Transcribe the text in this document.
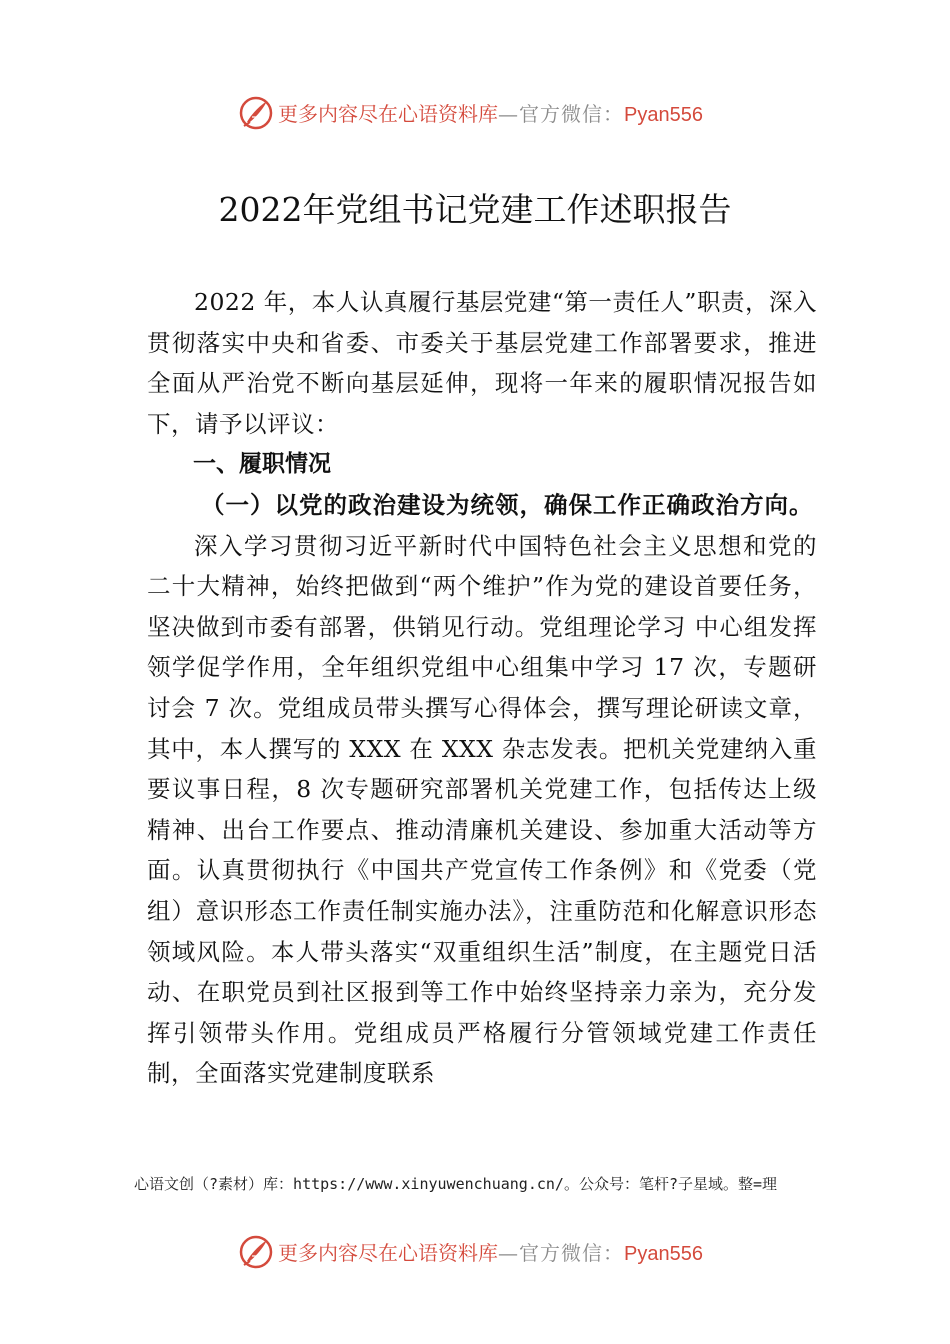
更多内容尽在心语资料库—官方微信：Pyan556
2022年党组书记党建工作述职报告

2022 年，本人认真履行基层党建“第一责任人”职责，深入贯彻落实中央和省委、市委关于基层党建工作部署要求，推进全面从严治党不断向基层延伸，现将一年来的履职情况报告如下，请予以评议：

一、履职情况

（一）以党的政治建设为统领，确保工作正确政治方向。

深入学习贯彻习近平新时代中国特色社会主义思想和党的二十大精神，始终把做到“两个维护”作为党的建设首要任务，坚决做到市委有部署，供销见行动。党组理论学习 中心组发挥领学促学作用，全年组织党组中心组集中学习 17 次，专题研讨会 7 次。党组成员带头撰写心得体会，撰写理论研读文章，其中，本人撰写的 XXX 在 XXX 杂志发表。把机关党建纳入重要议事日程，8 次专题研究部署机关党建工作，包括传达上级精神、出台工作要点、推动清廉机关建设、参加重大活动等方面。认真贯彻执行《中国共产党宣传工作条例》和《党委（党组）意识形态工作责任制实施办法》，注重防范和化解意识形态领域风险。本人带头落实“双重组织生活”制度，在主题党日活动、在职党员到社区报到等工作中始终坚持亲力亲为，充分发挥引领带头作用。党组成员严格履行分管领域党建工作责任制，全面落实党建制度联系

心语文创（?素材）库：https://www.xinyuwenchuang.cn/。公众号：笔杆?子星域。整=理
更多内容尽在心语资料库—官方微信：Pyan556
